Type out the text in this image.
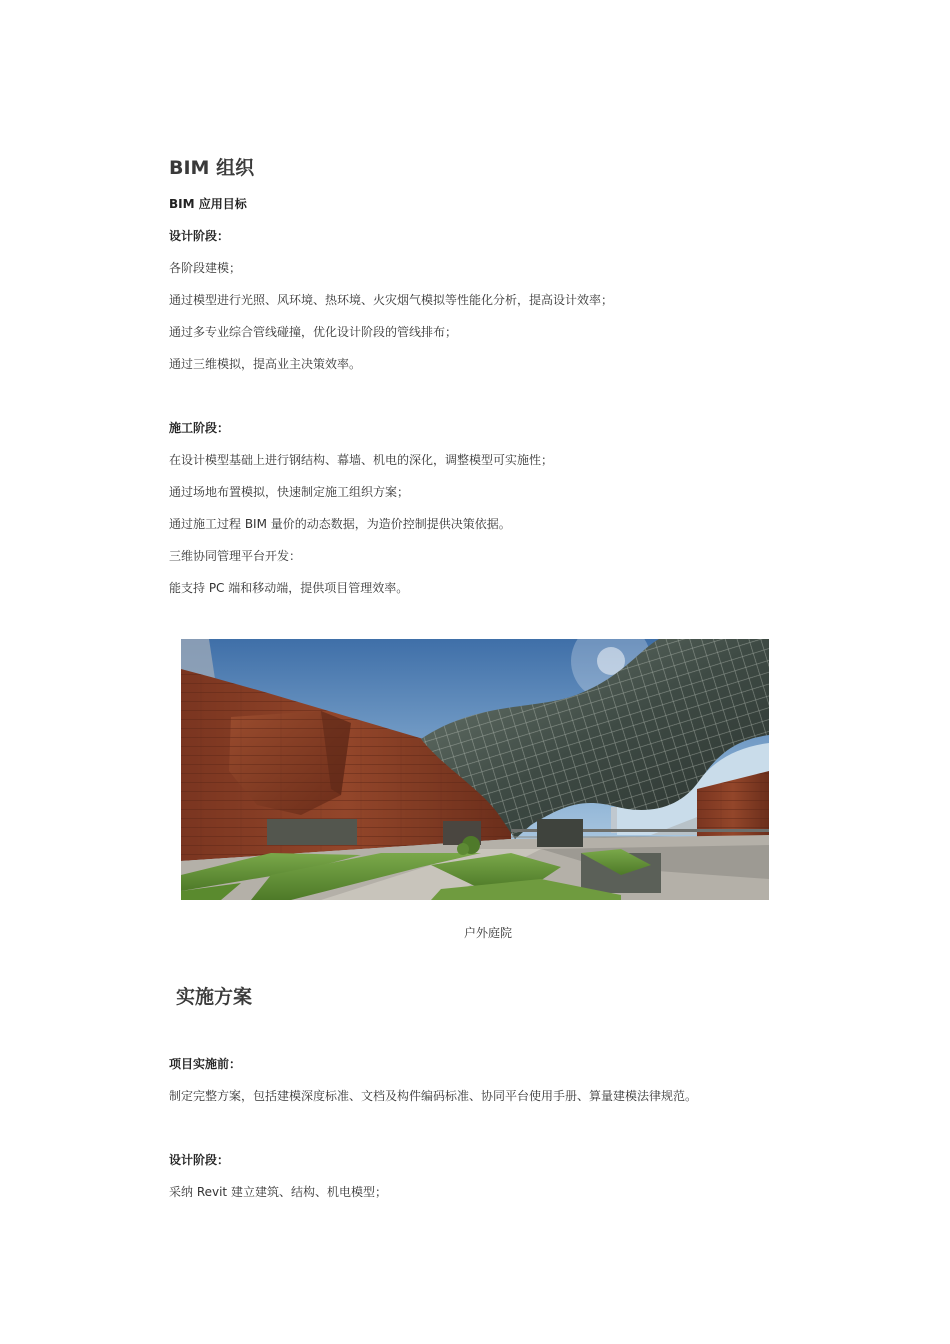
BIM 组织
BIM 应用目标
设计阶段：
各阶段建模；
通过模型进行光照、风环境、热环境、火灾烟气模拟等性能化分析，提高设计效率；
通过多专业综合管线碰撞，优化设计阶段的管线排布；
通过三维模拟，提高业主决策效率。
施工阶段：
在设计模型基础上进行钢结构、幕墙、机电的深化，调整模型可实施性；
通过场地布置模拟，快速制定施工组织方案；
通过施工过程 BIM 量价的动态数据，为造价控制提供决策依据。
三维协同管理平台开发：
能支持 PC 端和移动端，提供项目管理效率。
户外庭院
实施方案
项目实施前：
制定完整方案，包括建模深度标准、文档及构件编码标准、协同平台使用手册、算量建模法律规范。
设计阶段：
采纳 Revit 建立建筑、结构、机电模型；
